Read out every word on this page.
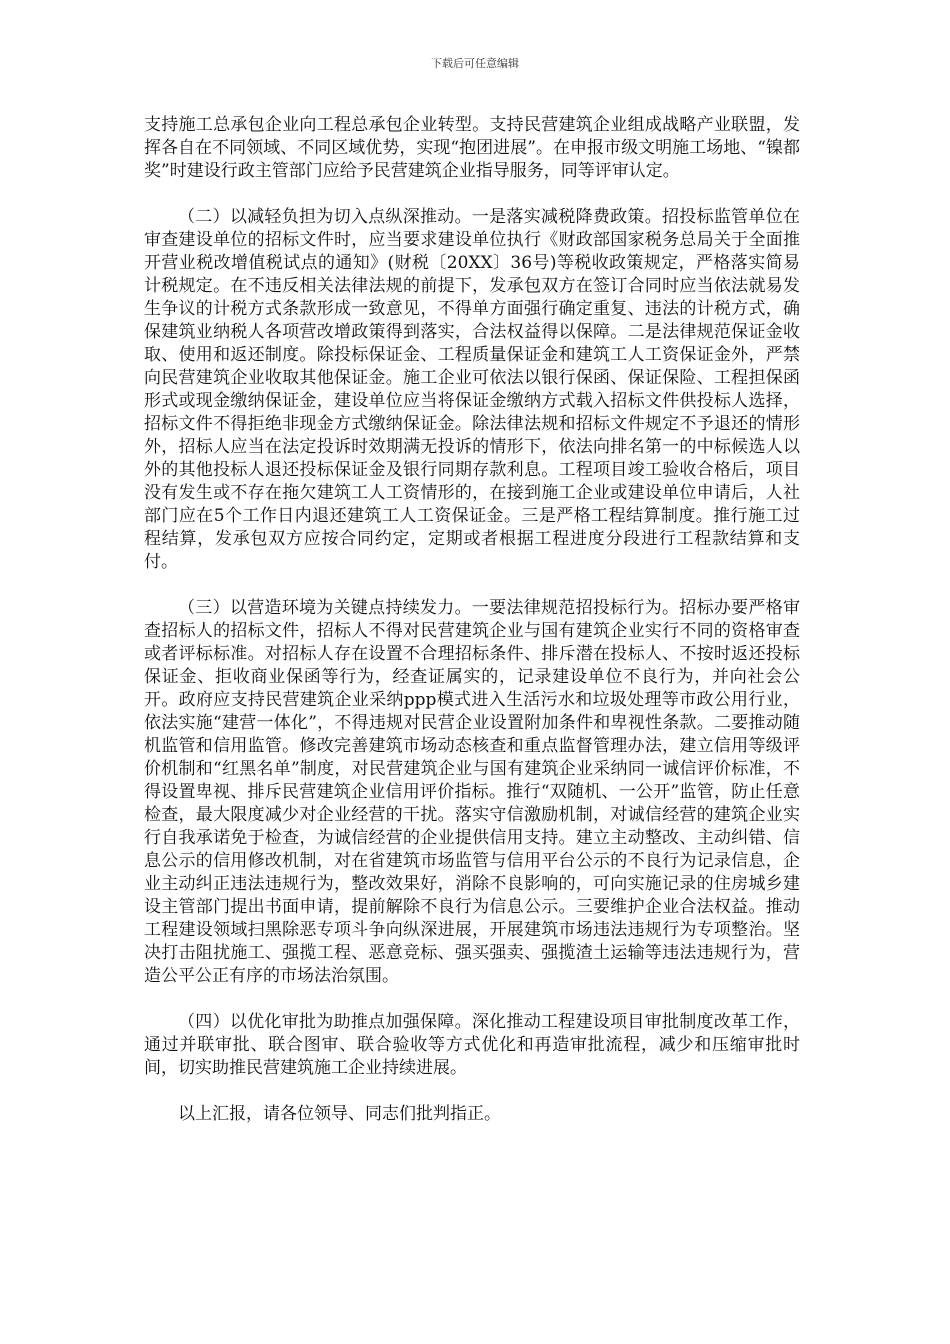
下载后可任意编辑

支持施工总承包企业向工程总承包企业转型。支持民营建筑企业组成战略产业联盟，发挥各自在不同领域、不同区域优势，实现“抱团进展”。在申报市级文明施工场地、“镍都奖”时建设行政主管部门应给予民营建筑企业指导服务，同等评审认定。

（二）以减轻负担为切入点纵深推动。一是落实减税降费政策。招投标监管单位在审查建设单位的招标文件时，应当要求建设单位执行《财政部国家税务总局关于全面推开营业税改增值税试点的通知》(财税〔20XX〕36号)等税收政策规定，严格落实简易计税规定。在不违反相关法律法规的前提下，发承包双方在签订合同时应当依法就易发生争议的计税方式条款形成一致意见，不得单方面强行确定重复、违法的计税方式，确保建筑业纳税人各项营改增政策得到落实，合法权益得以保障。二是法律规范保证金收取、使用和返还制度。除投标保证金、工程质量保证金和建筑工人工资保证金外，严禁向民营建筑企业收取其他保证金。施工企业可依法以银行保函、保证保险、工程担保函形式或现金缴纳保证金，建设单位应当将保证金缴纳方式载入招标文件供投标人选择，招标文件不得拒绝非现金方式缴纳保证金。除法律法规和招标文件规定不予退还的情形外，招标人应当在法定投诉时效期满无投诉的情形下，依法向排名第一的中标候选人以外的其他投标人退还投标保证金及银行同期存款利息。工程项目竣工验收合格后，项目没有发生或不存在拖欠建筑工人工资情形的，在接到施工企业或建设单位申请后，人社部门应在5个工作日内退还建筑工人工资保证金。三是严格工程结算制度。推行施工过程结算，发承包双方应按合同约定，定期或者根据工程进度分段进行工程款结算和支付。

（三）以营造环境为关键点持续发力。一要法律规范招投标行为。招标办要严格审查招标人的招标文件，招标人不得对民营建筑企业与国有建筑企业实行不同的资格审查或者评标标准。对招标人存在设置不合理招标条件、排斥潜在投标人、不按时返还投标保证金、拒收商业保函等行为，经查证属实的，记录建设单位不良行为，并向社会公开。政府应支持民营建筑企业采纳ppp模式进入生活污水和垃圾处理等市政公用行业，依法实施“建营一体化”，不得违规对民营企业设置附加条件和卑视性条款。二要推动随机监管和信用监管。修改完善建筑市场动态核查和重点监督管理办法，建立信用等级评价机制和“红黑名单”制度，对民营建筑企业与国有建筑企业采纳同一诚信评价标准，不得设置卑视、排斥民营建筑企业信用评价指标。推行“双随机、一公开”监管，防止任意检查，最大限度减少对企业经营的干扰。落实守信激励机制，对诚信经营的建筑企业实行自我承诺免于检查，为诚信经营的企业提供信用支持。建立主动整改、主动纠错、信息公示的信用修改机制，对在省建筑市场监管与信用平台公示的不良行为记录信息，企业主动纠正违法违规行为，整改效果好，消除不良影响的，可向实施记录的住房城乡建设主管部门提出书面申请，提前解除不良行为信息公示。三要维护企业合法权益。推动工程建设领域扫黑除恶专项斗争向纵深进展，开展建筑市场违法违规行为专项整治。坚决打击阻扰施工、强揽工程、恶意竞标、强买强卖、强揽渣土运输等违法违规行为，营造公平公正有序的市场法治氛围。

（四）以优化审批为助推点加强保障。深化推动工程建设项目审批制度改革工作，通过并联审批、联合图审、联合验收等方式优化和再造审批流程，减少和压缩审批时间，切实助推民营建筑施工企业持续进展。

以上汇报，请各位领导、同志们批判指正。
